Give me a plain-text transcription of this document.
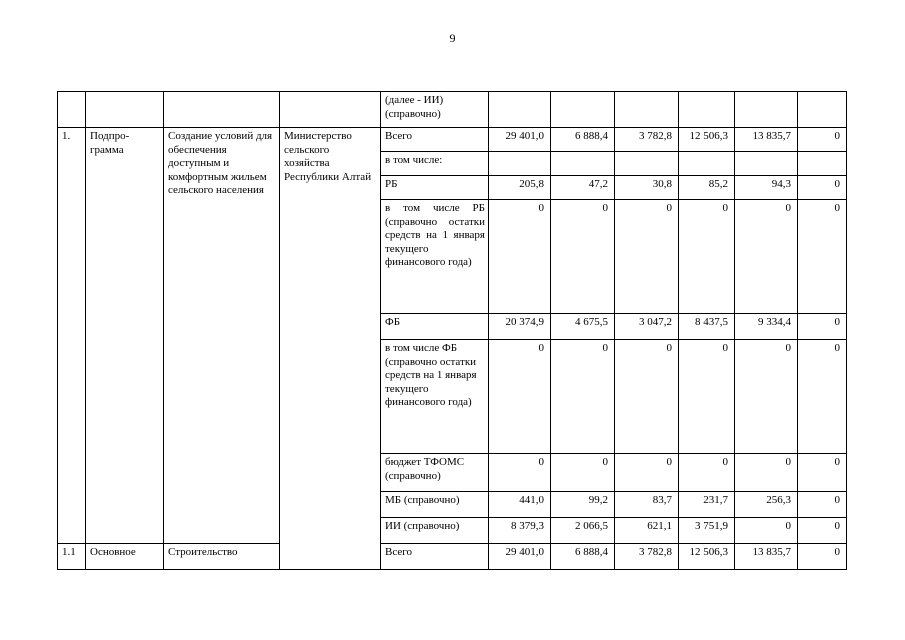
9
				(далее - ИИ) (справочно)						
1.	Подпро-грамма	Создание условий для обеспечения доступным и комфортным жильем сельского населения	Министерство сельского хозяйства Республики Алтай	Всего	29 401,0	6 888,4	3 782,8	12 506,3	13 835,7	0
				в том числе:						
				РБ	205,8	47,2	30,8	85,2	94,3	0
				в том числе РБ (справочно остатки средств на 1 января текущего финансового года)	0	0	0	0	0	0
				ФБ	20 374,9	4 675,5	3 047,2	8 437,5	9 334,4	0
				в том числе ФБ (справочно остатки средств на 1 января текущего финансового года)	0	0	0	0	0	0
				бюджет ТФОМС (справочно)	0	0	0	0	0	0
				МБ (справочно)	441,0	99,2	83,7	231,7	256,3	0
				ИИ (справочно)	8 379,3	2 066,5	621,1	3 751,9	0	0
1.1	Основное	Строительство		Всего	29 401,0	6 888,4	3 782,8	12 506,3	13 835,7	0
